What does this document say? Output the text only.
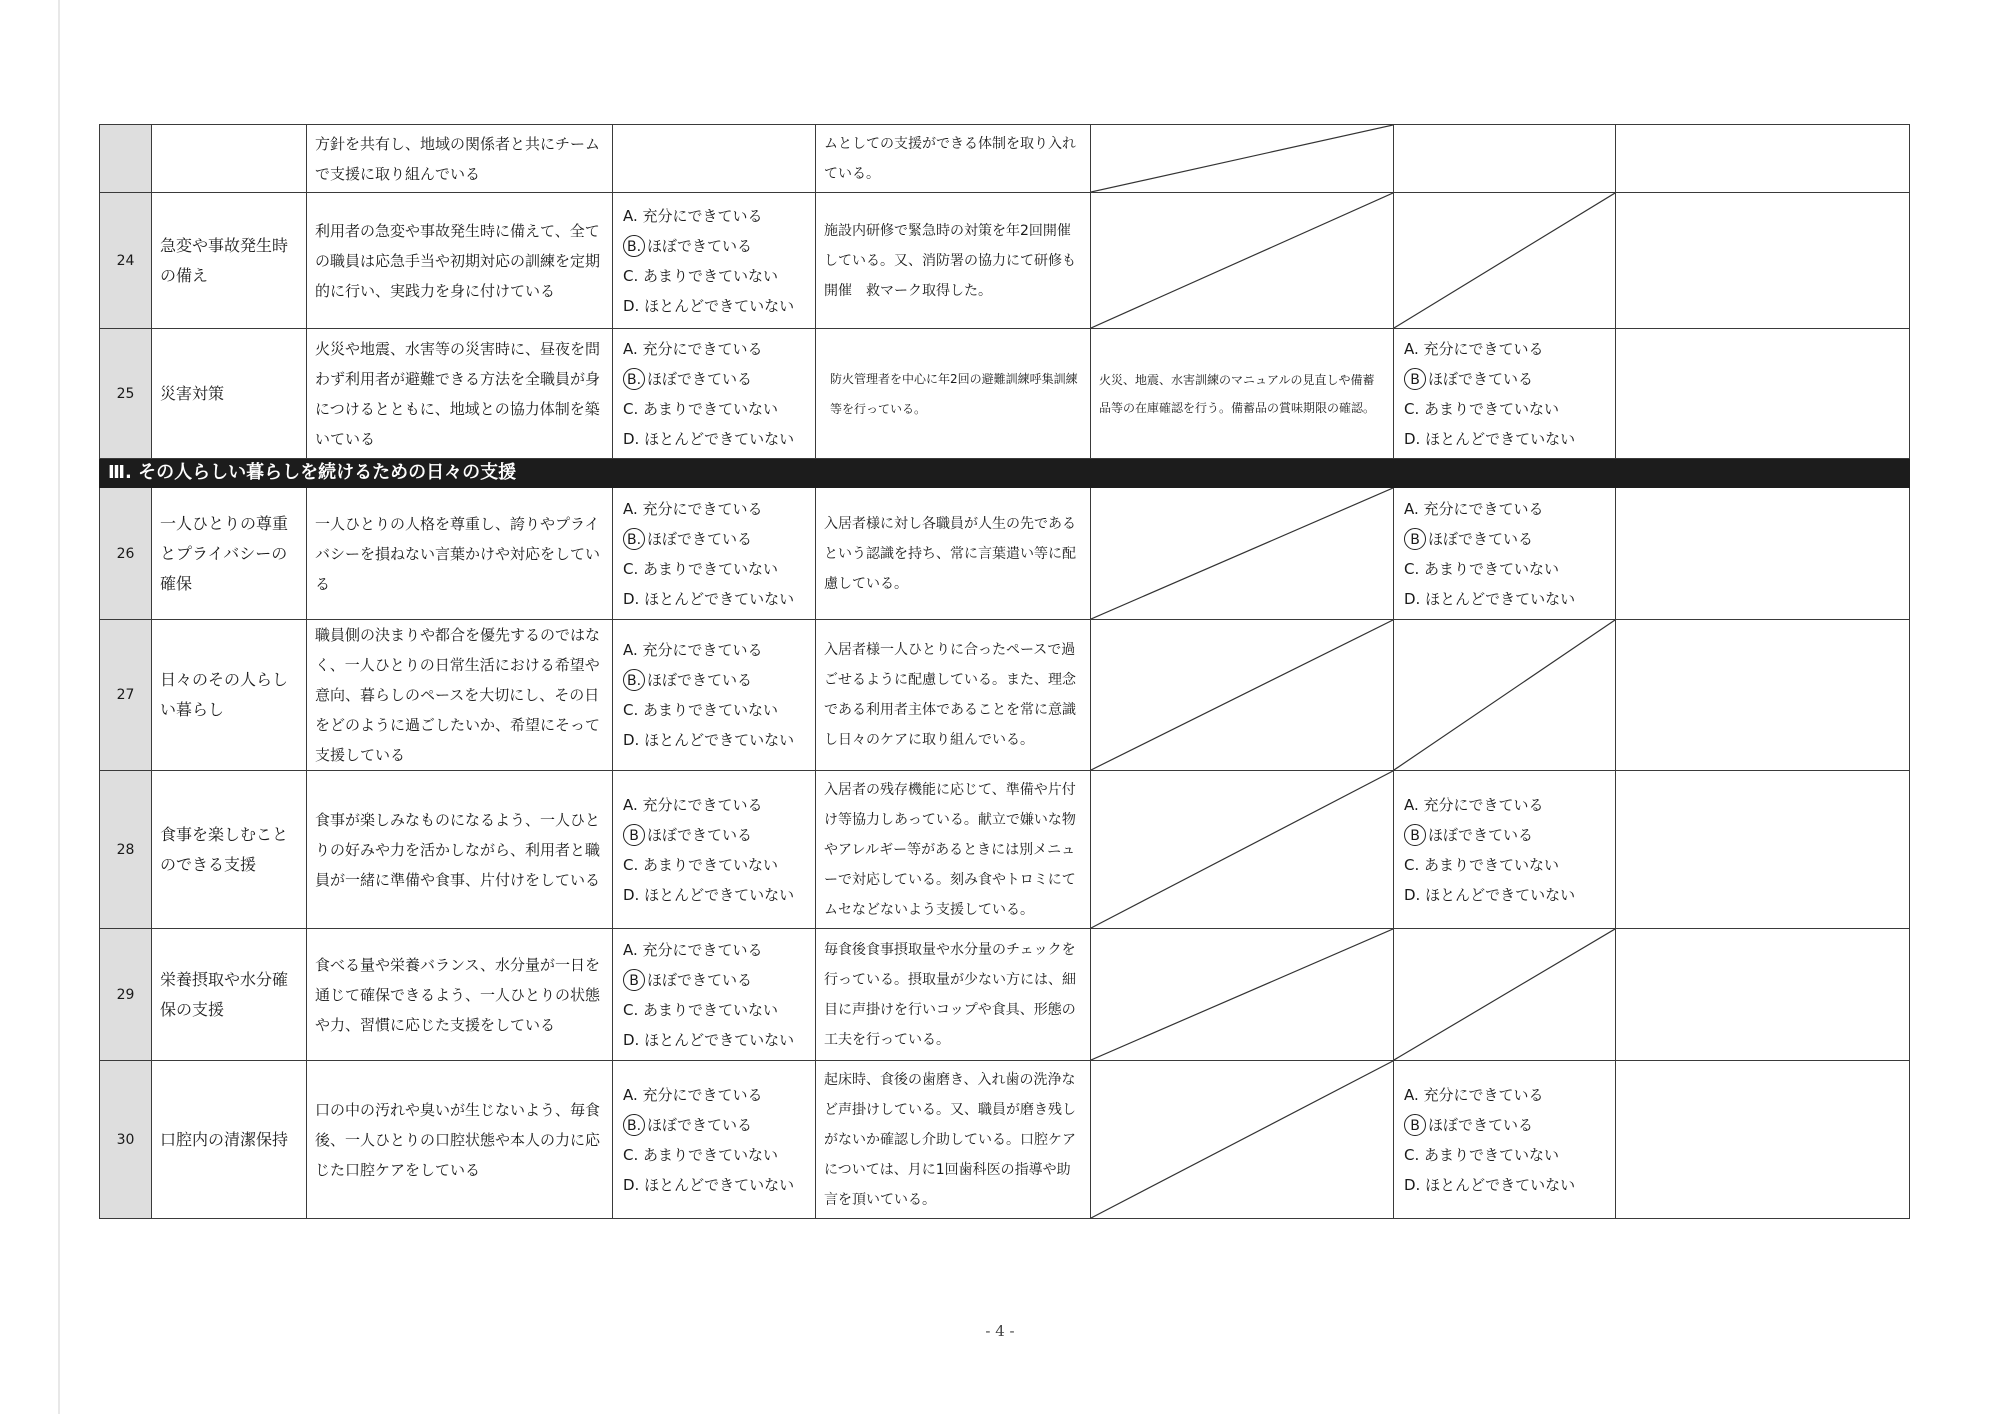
		方針を共有し、地域の関係者と共にチームで支援に取り組んでいる		ムとしての支援ができる体制を取り入れている。	

24	急変や事故発生時の備え	利用者の急変や事故発生時に備えて、全ての職員は応急手当や初期対応の訓練を定期的に行い、実践力を身に付けている	A. 充分にできている
B. ほぼできている
C. あまりできていない
D. ほとんどできていない	施設内研修で緊急時の対策を年2回開催している。又、消防署の協力にて研修も開催　救マーク取得した。	

25	災害対策	火災や地震、水害等の災害時に、昼夜を問わず利用者が避難できる方法を全職員が身につけるとともに、地域との協力体制を築いている	A. 充分にできている
B. ほぼできている
C. あまりできていない
D. ほとんどできていない	防火管理者を中心に年2回の避難訓練呼集訓練等を行っている。	火災、地震、水害訓練のマニュアルの見直しや備蓄品等の在庫確認を行う。備蓄品の賞味期限の確認。	A. 充分にできている
B ほぼできている
C. あまりできていない
D. ほとんどできていない	

Ⅲ. その人らしい暮らしを続けるための日々の支援							
26	一人ひとりの尊重とプライバシーの確保	一人ひとりの人格を尊重し、誇りやプライバシーを損ねない言葉かけや対応をしている	A. 充分にできている
B. ほぼできている
C. あまりできていない
D. ほとんどできていない	入居者様に対し各職員が人生の先であるという認識を持ち、常に言葉遣い等に配慮している。		A. 充分にできている
B ほぼできている
C. あまりできていない
D. ほとんどできていない	

27	日々のその人らしい暮らし	職員側の決まりや都合を優先するのではなく、一人ひとりの日常生活における希望や意向、暮らしのペースを大切にし、その日をどのように過ごしたいか、希望にそって支援している	A. 充分にできている
B. ほぼできている
C. あまりできていない
D. ほとんどできていない	入居者様一人ひとりに合ったペースで過ごせるように配慮している。また、理念である利用者主体であることを常に意識し日々のケアに取り組んでいる。	

28	食事を楽しむことのできる支援	食事が楽しみなものになるよう、一人ひとりの好みや力を活かしながら、利用者と職員が一緒に準備や食事、片付けをしている	A. 充分にできている
B ほぼできている
C. あまりできていない
D. ほとんどできていない	入居者の残存機能に応じて、準備や片付け等協力しあっている。献立で嫌いな物やアレルギー等があるときには別メニューで対応している。刻み食やトロミにてムセなどないよう支援している。		A. 充分にできている
B ほぼできている
C. あまりできていない
D. ほとんどできていない	

29	栄養摂取や水分確保の支援	食べる量や栄養バランス、水分量が一日を通じて確保できるよう、一人ひとりの状態や力、習慣に応じた支援をしている	A. 充分にできている
B ほぼできている
C. あまりできていない
D. ほとんどできていない	毎食後食事摂取量や水分量のチェックを行っている。摂取量が少ない方には、細目に声掛けを行いコップや食具、形態の工夫を行っている。	

30	口腔内の清潔保持	口の中の汚れや臭いが生じないよう、毎食後、一人ひとりの口腔状態や本人の力に応じた口腔ケアをしている	A. 充分にできている
B. ほぼできている
C. あまりできていない
D. ほとんどできていない	起床時、食後の歯磨き、入れ歯の洗浄など声掛けしている。又、職員が磨き残しがないか確認し介助している。口腔ケアについては、月に1回歯科医の指導や助言を頂いている。		A. 充分にできている
B ほぼできている
C. あまりできていない
D. ほとんどできていない	

- 4 -
